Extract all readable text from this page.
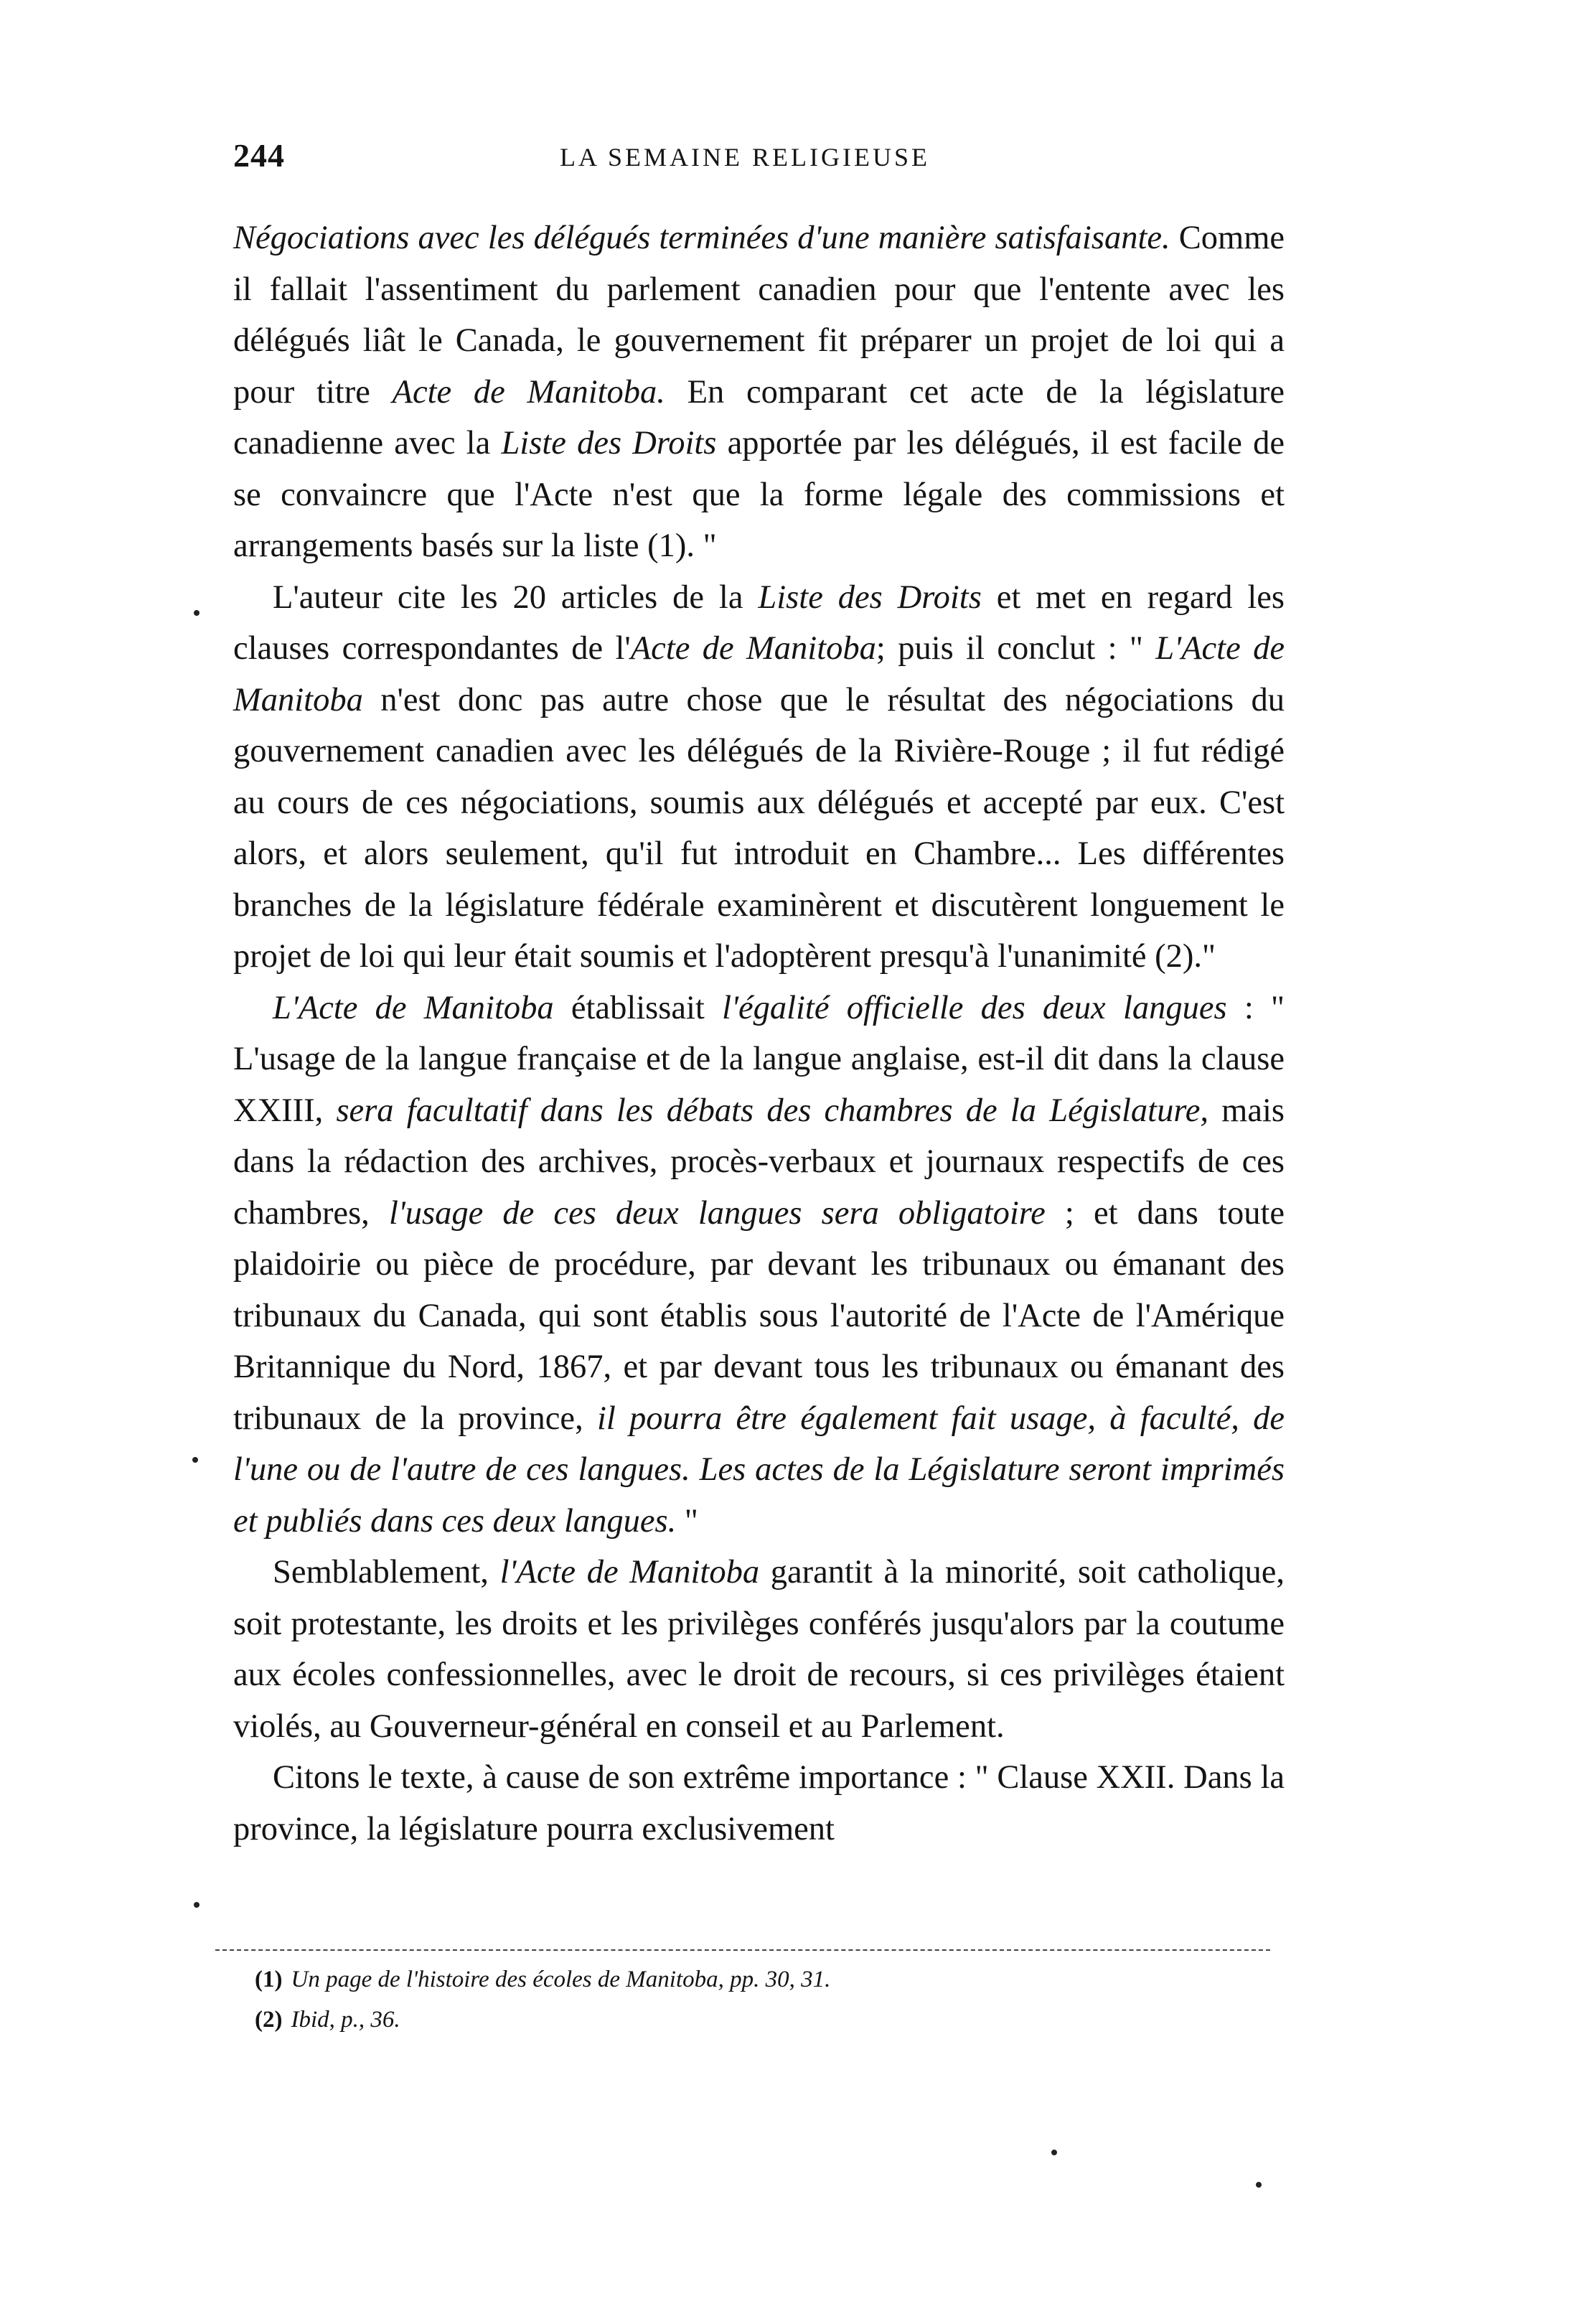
244	LA SEMAINE RELIGIEUSE

Négociations avec les délégués terminées d'une manière satisfaisante. Comme il fallait l'assentiment du parlement canadien pour que l'entente avec les délégués liât le Canada, le gouvernement fit préparer un projet de loi qui a pour titre Acte de Manitoba. En comparant cet acte de la législature canadienne avec la Liste des Droits apportée par les délégués, il est facile de se convaincre que l'Acte n'est que la forme légale des commissions et arrangements basés sur la liste (1). "

L'auteur cite les 20 articles de la Liste des Droits et met en regard les clauses correspondantes de l'Acte de Manitoba; puis il conclut : " L'Acte de Manitoba n'est donc pas autre chose que le résultat des négociations du gouvernement canadien avec les délégués de la Rivière-Rouge ; il fut rédigé au cours de ces négociations, soumis aux délégués et accepté par eux. C'est alors, et alors seulement, qu'il fut introduit en Chambre... Les différentes branches de la législature fédérale examinèrent et discutèrent longuement le projet de loi qui leur était soumis et l'adoptèrent presqu'à l'unanimité (2)."

L'Acte de Manitoba établissait l'égalité officielle des deux langues : " L'usage de la langue française et de la langue anglaise, est-il dit dans la clause XXIII, sera facultatif dans les débats des chambres de la Législature, mais dans la rédaction des archives, procès-verbaux et journaux respectifs de ces chambres, l'usage de ces deux langues sera obligatoire ; et dans toute plaidoirie ou pièce de procédure, par devant les tribunaux ou émanant des tribunaux du Canada, qui sont établis sous l'autorité de l'Acte de l'Amérique Britannique du Nord, 1867, et par devant tous les tribunaux ou émanant des tribunaux de la province, il pourra être également fait usage, à faculté, de l'une ou de l'autre de ces langues. Les actes de la Législature seront imprimés et publiés dans ces deux langues. "

Semblablement, l'Acte de Manitoba garantit à la minorité, soit catholique, soit protestante, les droits et les privilèges conférés jusqu'alors par la coutume aux écoles confessionnelles, avec le droit de recours, si ces privilèges étaient violés, au Gouverneur-général en conseil et au Parlement.

Citons le texte, à cause de son extrême importance : " Clause XXII. Dans la province, la législature pourra exclusivement

(1) Un page de l'histoire des écoles de Manitoba, pp. 30, 31.
(2) Ibid, p., 36.
